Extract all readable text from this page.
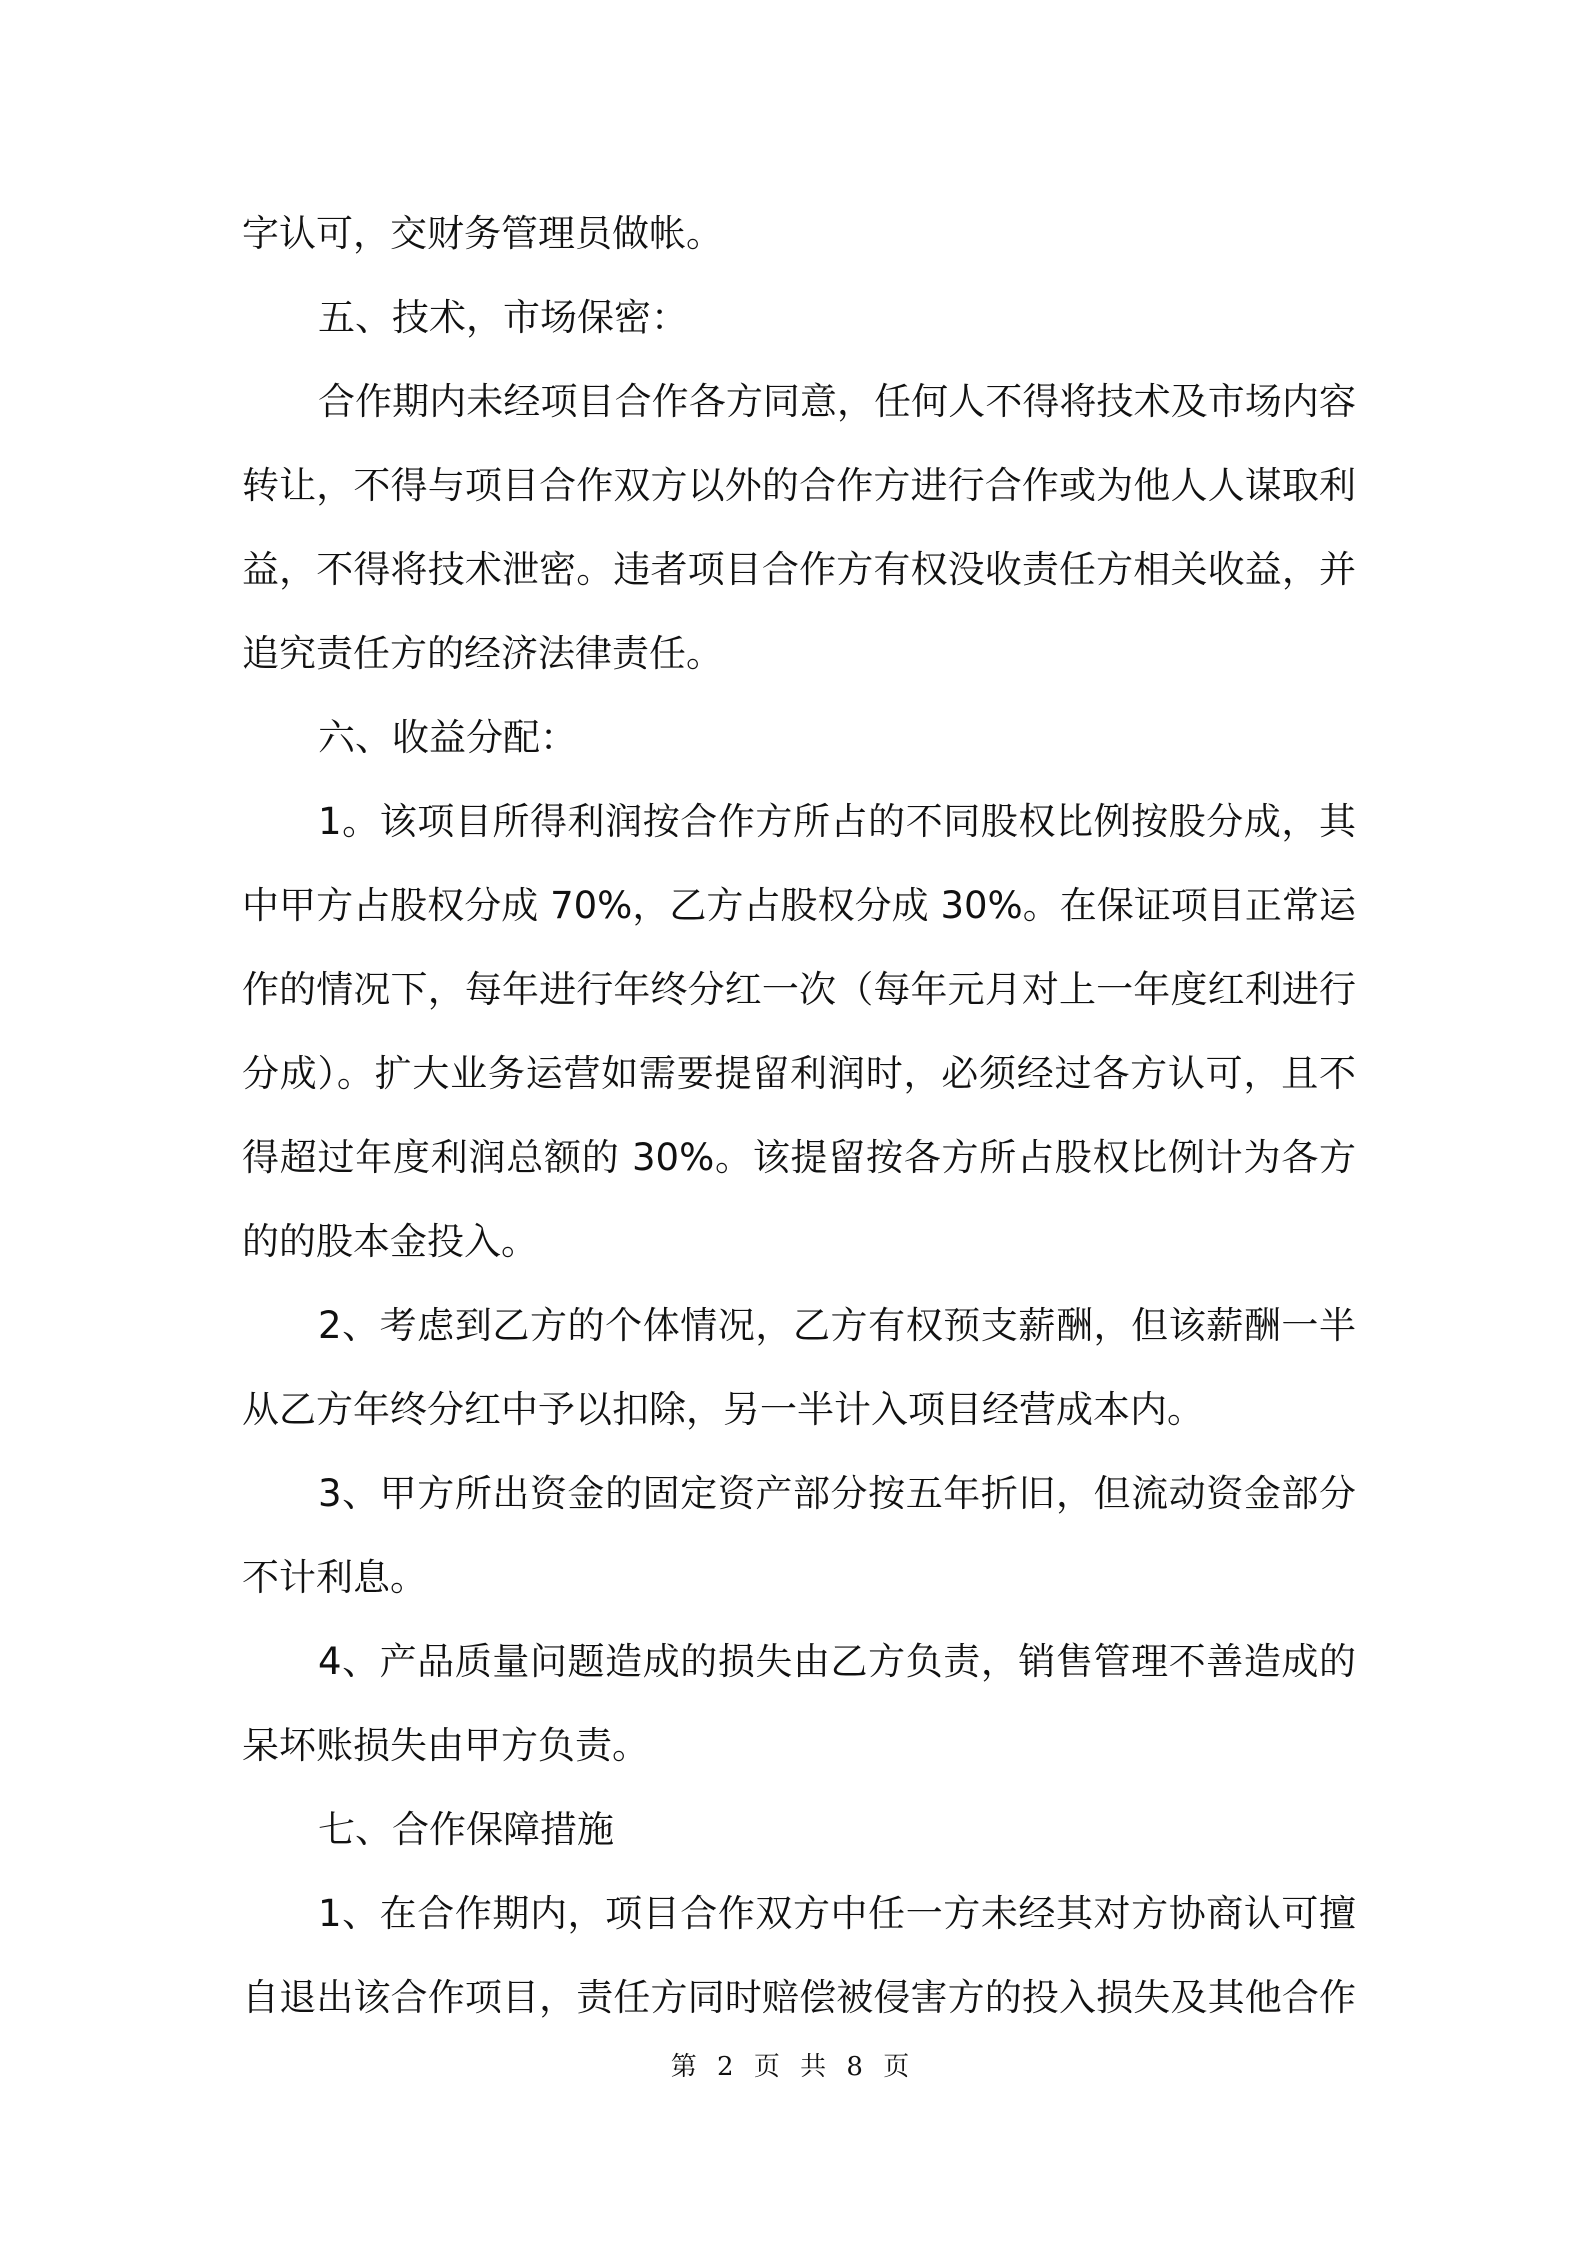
字认可，交财务管理员做帐。
五、技术，市场保密：
合作期内未经项目合作各方同意，任何人不得将技术及市场内容
转让，不得与项目合作双方以外的合作方进行合作或为他人人谋取利
益，不得将技术泄密。违者项目合作方有权没收责任方相关收益，并
追究责任方的经济法律责任。
六、收益分配：
1。该项目所得利润按合作方所占的不同股权比例按股分成，其
中甲方占股权分成 70%，乙方占股权分成 30%。在保证项目正常运
作的情况下，每年进行年终分红一次（每年元月对上一年度红利进行
分成）。扩大业务运营如需要提留利润时，必须经过各方认可，且不
得超过年度利润总额的 30%。该提留按各方所占股权比例计为各方
的的股本金投入。
2、考虑到乙方的个体情况，乙方有权预支薪酬，但该薪酬一半
从乙方年终分红中予以扣除，另一半计入项目经营成本内。
3、甲方所出资金的固定资产部分按五年折旧，但流动资金部分
不计利息。
4、产品质量问题造成的损失由乙方负责，销售管理不善造成的
呆坏账损失由甲方负责。
七、合作保障措施
1、在合作期内，项目合作双方中任一方未经其对方协商认可擅
自退出该合作项目，责任方同时赔偿被侵害方的投入损失及其他合作
第 2 页 共 8 页
